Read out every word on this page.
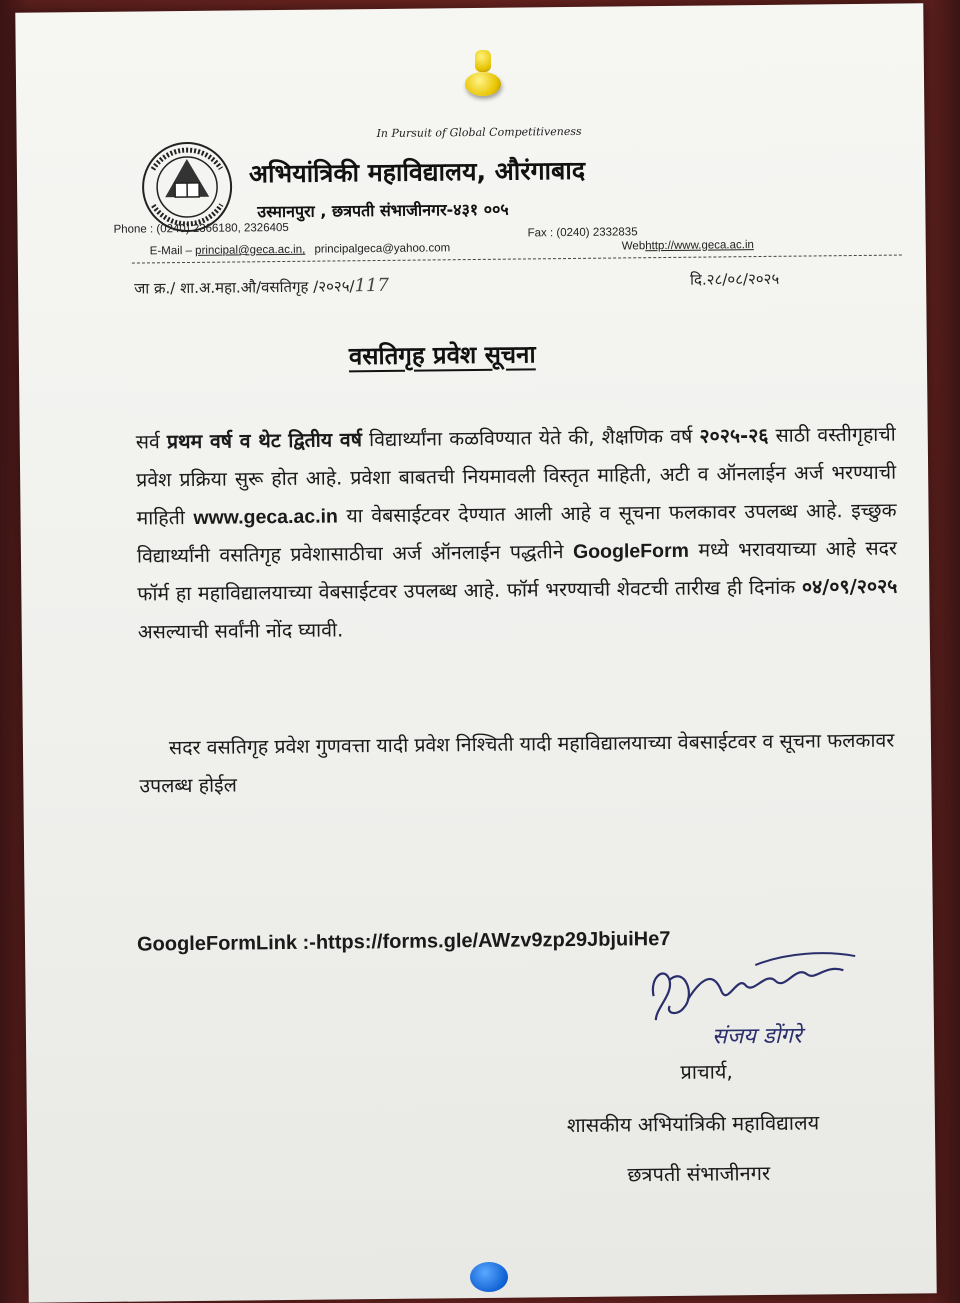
In Pursuit of Global Competitiveness
अभियांत्रिकी महाविद्यालय, औरंगाबाद
उस्मानपुरा , छत्रपती संभाजीनगर-४३१ ००५
Phone : (0240) 2366180, 2326405	Fax : (0240) 2332835
E-Mail – principal@geca.ac.in, principalgeca@yahoo.com	Webhttp://www.geca.ac.in
जा क्र./ शा.अ.महा.औ/वसतिगृह /२०२५/117	दि.२८/०८/२०२५
वसतिगृह प्रवेश सूचना
सर्व प्रथम वर्ष व थेट द्वितीय वर्ष विद्यार्थ्यांना कळविण्यात येते की, शैक्षणिक वर्ष २०२५-२६ साठी वस्तीगृहाची प्रवेश प्रक्रिया सुरू होत आहे. प्रवेशा बाबतची नियमावली विस्तृत माहिती, अटी व ऑनलाईन अर्ज भरण्याची माहिती www.geca.ac.in या वेबसाईटवर देण्यात आली आहे व सूचना फलकावर उपलब्ध आहे. इच्छुक विद्यार्थ्यांनी वसतिगृह प्रवेशासाठीचा अर्ज ऑनलाईन पद्धतीने GoogleForm मध्ये भरावयाच्या आहे सदर फॉर्म हा महाविद्यालयाच्या वेबसाईटवर उपलब्ध आहे. फॉर्म भरण्याची शेवटची तारीख ही दिनांक ०४/०९/२०२५ असल्याची सर्वांनी नोंद घ्यावी.
सदर वसतिगृह प्रवेश गुणवत्ता यादी प्रवेश निश्चिती यादी महाविद्यालयाच्या वेबसाईटवर व सूचना फलकावर उपलब्ध होईल
GoogleFormLink :-https://forms.gle/AWzv9zp29JbjuiHe7
संजय डोंगरे
प्राचार्य,
शासकीय अभियांत्रिकी महाविद्यालय
छत्रपती संभाजीनगर
